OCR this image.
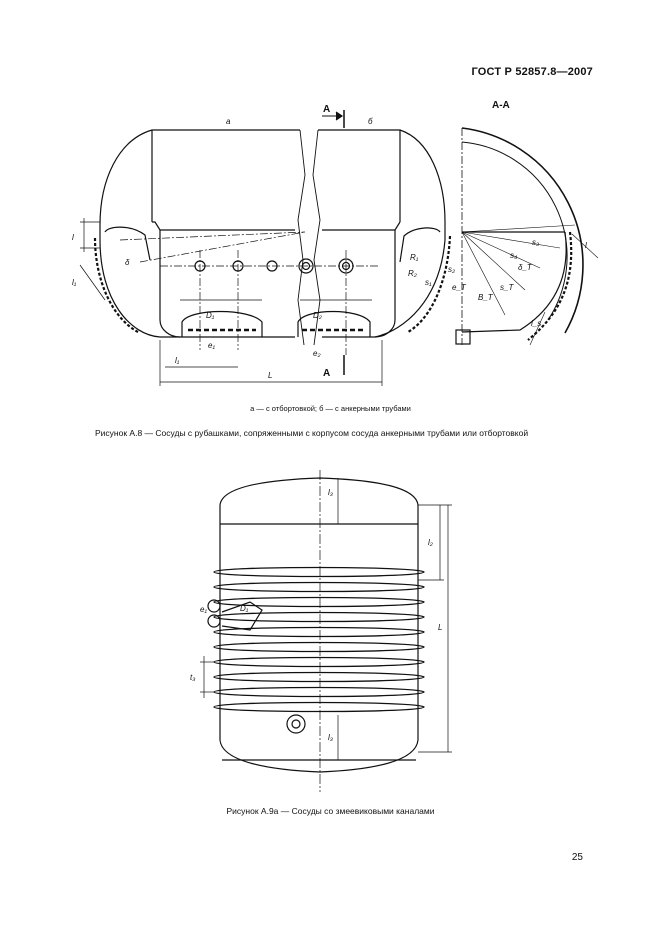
ГОСТ Р 52857.8—2007
а	б
А
А
А-А
l
l₁
δ
l₁
L
D₁	D₂
e₁
e₂
R₁
R₂
s₁
s₂
s₃
s₄
s_T
δ_T
B_T
e_T
l_s
l
а — с отбортовкой; б — с анкерными трубами
Рисунок А.8 — Сосуды с рубашками, сопряженными с корпусом сосуда анкерными трубами или отбортовкой
l₃
l₂
L
e₁	D₁
t₃
l₃
Рисунок А.9а — Сосуды со змеевиковыми каналами
25
